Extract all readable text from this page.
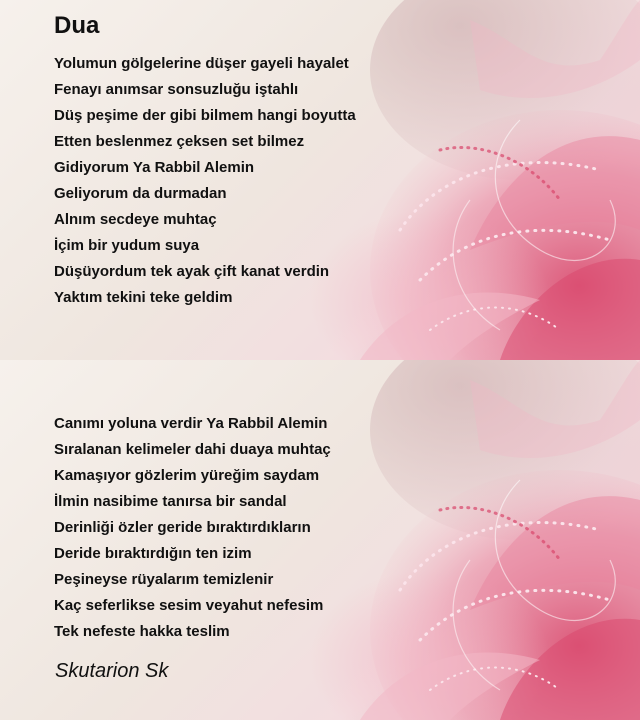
Dua
Yolumun gölgelerine düşer gayeli hayalet
Fenayı anımsar sonsuzluğu iştahlı
Düş peşime der gibi bilmem hangi boyutta
Etten beslenmez çeksen set bilmez
Gidiyorum Ya Rabbil Alemin
Geliyorum da durmadan
Alnım secdeye muhtaç
İçim bir yudum suya
Düşüyordum tek ayak çift kanat verdin
Yaktım tekini teke geldim
Canımı yoluna verdir Ya Rabbil Alemin
Sıralanan kelimeler dahi duaya muhtaç
Kamaşıyor gözlerim yüreğim saydam
İlmin nasibime tanırsa bir sandal
Derinliği özler geride bıraktırdıkların
Deride bıraktırdığın ten izim
Peşineyse rüyalarım temizlenir
Kaç seferlikse sesim veyahut nefesim
Tek nefeste hakka teslim
Skutarion Sk
